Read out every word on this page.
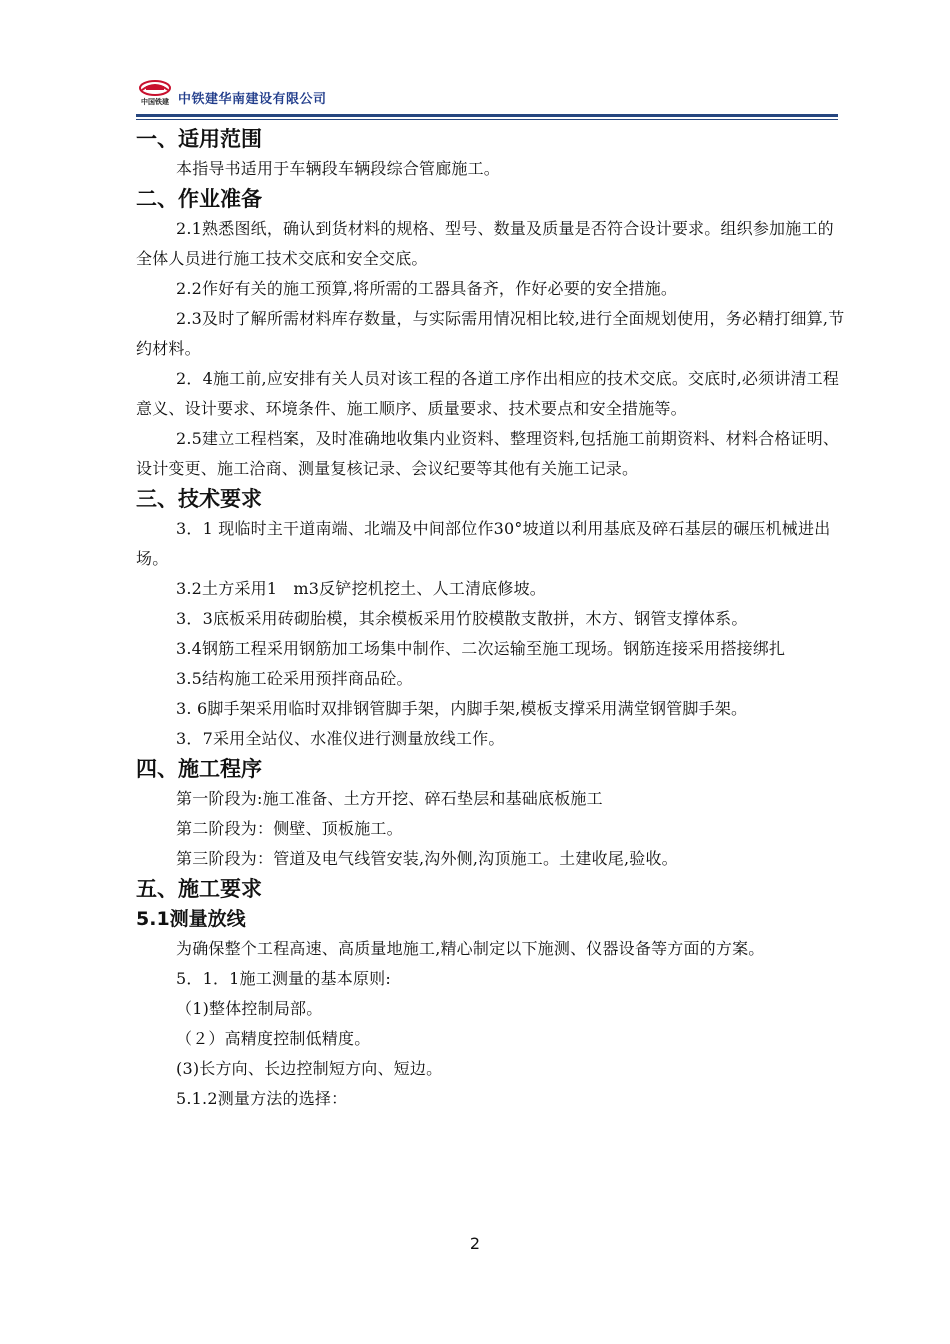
中国铁建 中铁建华南建设有限公司
一、适用范围

本指导书适用于车辆段车辆段综合管廊施工。

二、作业准备

2.1熟悉图纸，确认到货材料的规格、型号、数量及质量是否符合设计要求。组织参加施工的全体人员进行施工技术交底和安全交底。

2.2作好有关的施工预算,将所需的工器具备齐，作好必要的安全措施。

2.3及时了解所需材料库存数量，与实际需用情况相比较,进行全面规划使用，务必精打细算,节约材料。

2．4施工前,应安排有关人员对该工程的各道工序作出相应的技术交底。交底时,必须讲清工程意义、设计要求、环境条件、施工顺序、质量要求、技术要点和安全措施等。

2.5建立工程档案，及时准确地收集内业资料、整理资料,包括施工前期资料、材料合格证明、设计变更、施工洽商、测量复核记录、会议纪要等其他有关施工记录。

三、技术要求

3．1 现临时主干道南端、北端及中间部位作30°坡道以利用基底及碎石基层的碾压机械进出场。

3.2土方采用1　m3反铲挖机挖土、人工清底修坡。

3．3底板采用砖砌胎模，其余模板采用竹胶模散支散拼，木方、钢管支撑体系。

3.4钢筋工程采用钢筋加工场集中制作、二次运输至施工现场。钢筋连接采用搭接绑扎

3.5结构施工砼采用预拌商品砼。

3. 6脚手架采用临时双排钢管脚手架，内脚手架,模板支撑采用满堂钢管脚手架。

3．7采用全站仪、水准仪进行测量放线工作。

四、施工程序

第一阶段为:施工准备、土方开挖、碎石垫层和基础底板施工

第二阶段为：侧壁、顶板施工。

第三阶段为：管道及电气线管安装,沟外侧,沟顶施工。土建收尾,验收。

五、施工要求
5.1测量放线

为确保整个工程高速、高质量地施工,精心制定以下施测、仪器设备等方面的方案。

5．1．1施工测量的基本原则:

（1)整体控制局部。

（２）高精度控制低精度。

(3)长方向、长边控制短方向、短边。

5.1.2测量方法的选择：

2
